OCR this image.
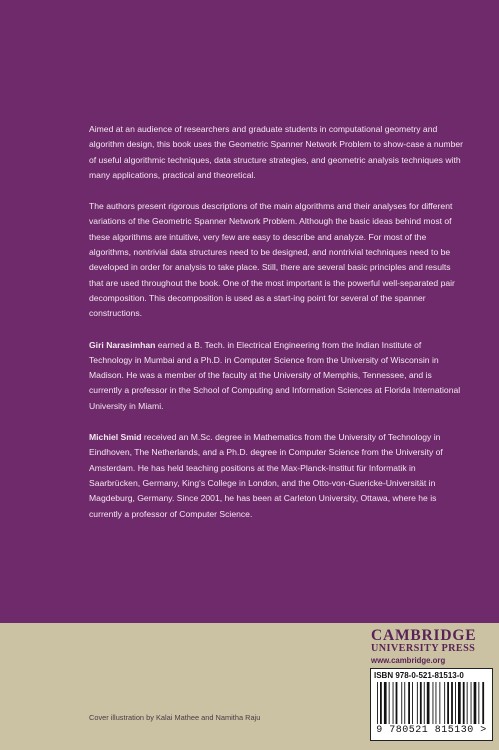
Aimed at an audience of researchers and graduate students in computational geometry and algorithm design, this book uses the Geometric Spanner Network Problem to show-case a number of useful algorithmic techniques, data structure strategies, and geometric analysis techniques with many applications, practical and theoretical.

The authors present rigorous descriptions of the main algorithms and their analyses for different variations of the Geometric Spanner Network Problem. Although the basic ideas behind most of these algorithms are intuitive, very few are easy to describe and analyze. For most of the algorithms, nontrivial data structures need to be designed, and nontrivial techniques need to be developed in order for analysis to take place. Still, there are several basic principles and results that are used throughout the book. One of the most important is the powerful well-separated pair decomposition. This decomposition is used as a start-ing point for several of the spanner constructions.

Giri Narasimhan earned a B. Tech. in Electrical Engineering from the Indian Institute of Technology in Mumbai and a Ph.D. in Computer Science from the University of Wisconsin in Madison. He was a member of the faculty at the University of Memphis, Tennessee, and is currently a professor in the School of Computing and Information Sciences at Florida International University in Miami.

Michiel Smid received an M.Sc. degree in Mathematics from the University of Technology in Eindhoven, The Netherlands, and a Ph.D. degree in Computer Science from the University of Amsterdam. He has held teaching positions at the Max-Planck-Institut für Informatik in Saarbrücken, Germany, King's College in London, and the Otto-von-Guericke-Universität in Magdeburg, Germany. Since 2001, he has been at Carleton University, Ottawa, where he is currently a professor of Computer Science.

CAMBRIDGE
UNIVERSITY PRESS
www.cambridge.org
ISBN 978-0-521-81513-0
9 780521 815130 >
Cover illustration by Kalai Mathee and Namitha Raju
